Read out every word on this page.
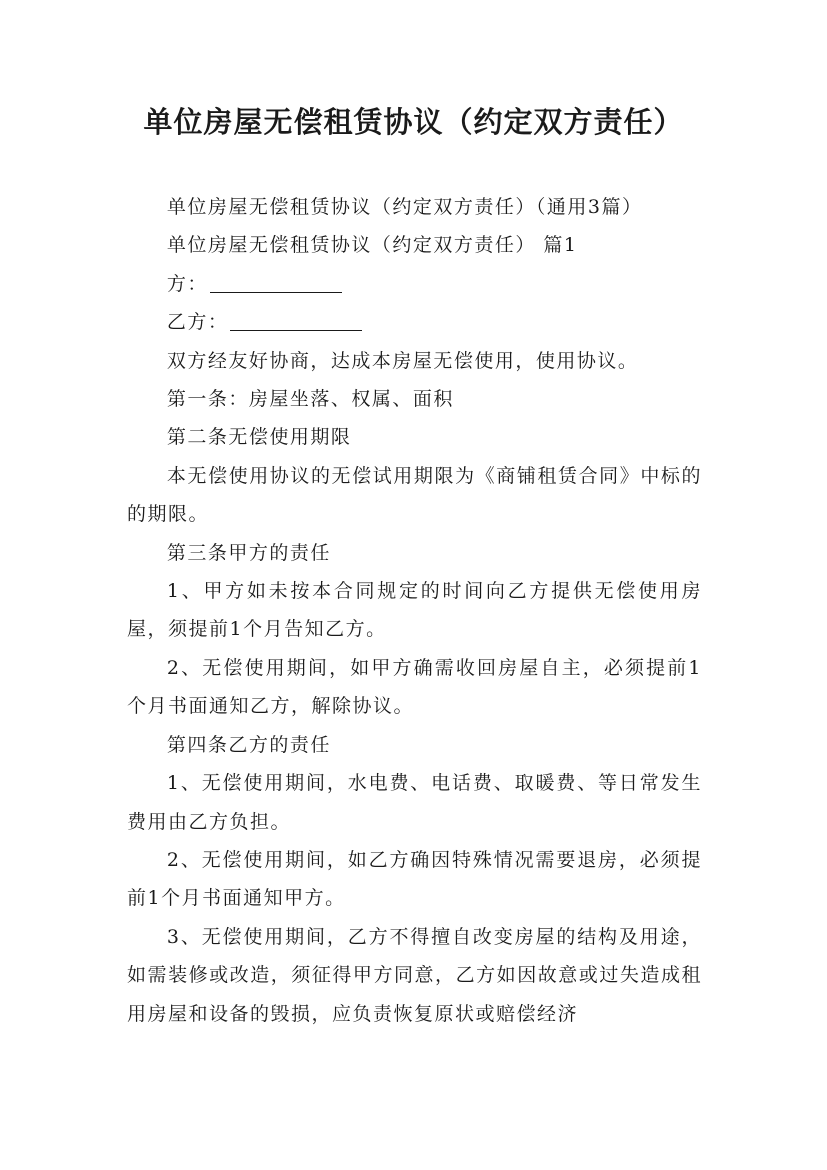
单位房屋无偿租赁协议（约定双方责任）

单位房屋无偿租赁协议（约定双方责任）（通用3篇）

单位房屋无偿租赁协议（约定双方责任） 篇1

方：

乙方：

双方经友好协商，达成本房屋无偿使用，使用协议。

第一条：房屋坐落、权属、面积

第二条无偿使用期限

本无偿使用协议的无偿试用期限为《商铺租赁合同》中标的的期限。

第三条甲方的责任

1、甲方如未按本合同规定的时间向乙方提供无偿使用房屋，须提前1个月告知乙方。

2、无偿使用期间，如甲方确需收回房屋自主，必须提前1个月书面通知乙方，解除协议。

第四条乙方的责任

1、无偿使用期间，水电费、电话费、取暖费、等日常发生费用由乙方负担。

2、无偿使用期间，如乙方确因特殊情况需要退房，必须提前1个月书面通知甲方。

3、无偿使用期间，乙方不得擅自改变房屋的结构及用途，如需装修或改造，须征得甲方同意，乙方如因故意或过失造成租用房屋和设备的毁损，应负责恢复原状或赔偿经济
